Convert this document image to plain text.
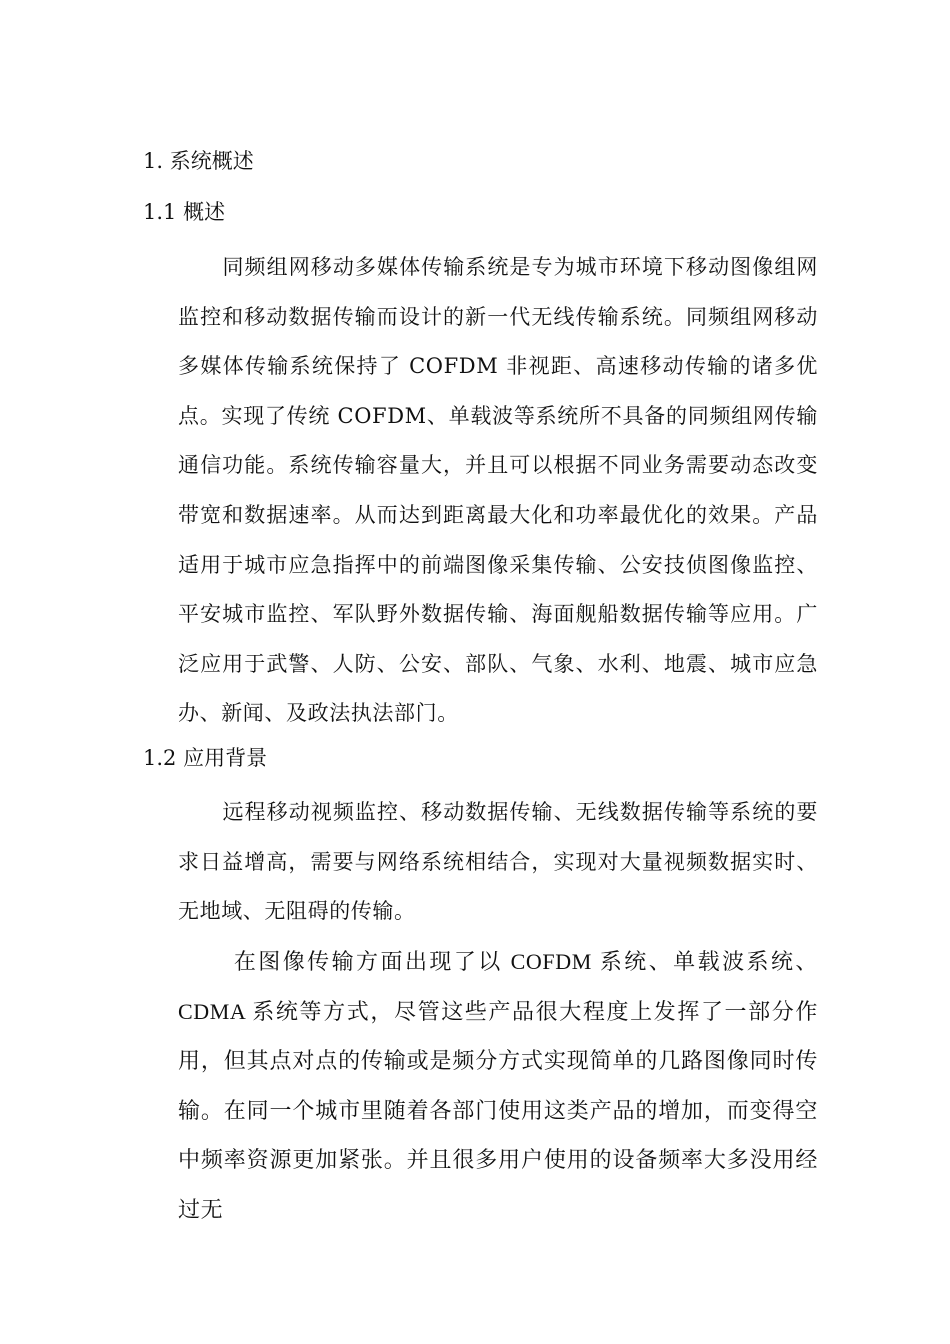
1. 系统概述
1.1 概述
同频组网移动多媒体传输系统是专为城市环境下移动图像组网监控和移动数据传输而设计的新一代无线传输系统。同频组网移动多媒体传输系统保持了 COFDM 非视距、高速移动传输的诸多优点。实现了传统 COFDM、单载波等系统所不具备的同频组网传输通信功能。系统传输容量大，并且可以根据不同业务需要动态改变带宽和数据速率。从而达到距离最大化和功率最优化的效果。产品适用于城市应急指挥中的前端图像采集传输、公安技侦图像监控、平安城市监控、军队野外数据传输、海面舰船数据传输等应用。广泛应用于武警、人防、公安、部队、气象、水利、地震、城市应急办、新闻、及政法执法部门。
1.2 应用背景
远程移动视频监控、移动数据传输、无线数据传输等系统的要求日益增高，需要与网络系统相结合，实现对大量视频数据实时、无地域、无阻碍的传输。
在图像传输方面出现了以 COFDM 系统、单载波系统、CDMA 系统等方式，尽管这些产品很大程度上发挥了一部分作用，但其点对点的传输或是频分方式实现简单的几路图像同时传输。在同一个城市里随着各部门使用这类产品的增加，而变得空中频率资源更加紧张。并且很多用户使用的设备频率大多没用经过无
